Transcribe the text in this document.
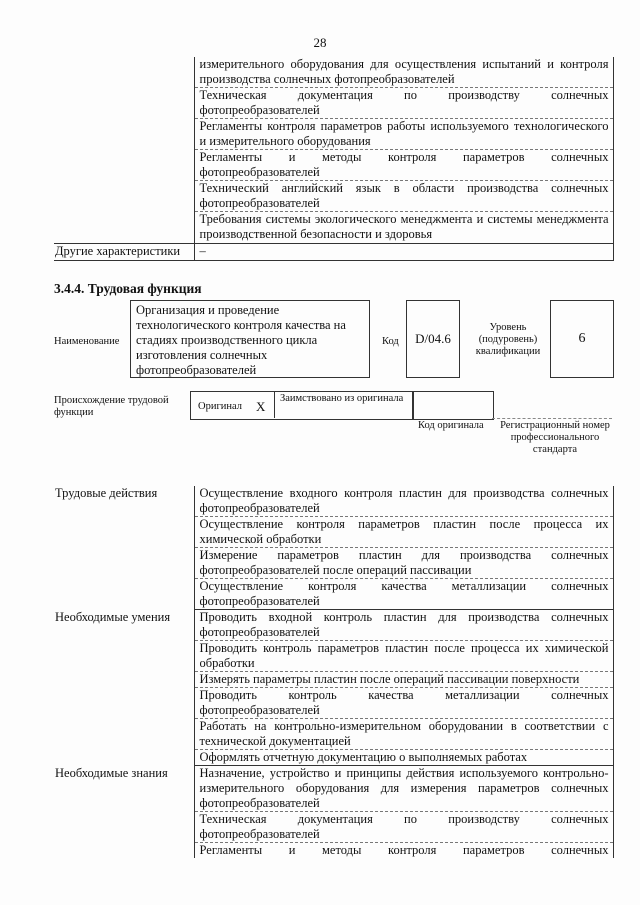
28

	измерительного оборудования для осуществления испытаний и контроля производства солнечных фотопреобразователей

	Техническая документация по производству солнечных фотопреобразователей

	Регламенты контроля параметров работы используемого технологического и измерительного оборудования

	Регламенты и методы контроля параметров солнечных фотопреобразователей

	Технический английский язык в области производства солнечных фотопреобразователей

	Требования системы экологического менеджмента и системы менеджмента производственной безопасности и здоровья

Другие характеристики	–
3.4.4. Трудовая функция
Наименование
Организация и проведение технологического контроля качества на стадиях производственного цикла изготовления солнечных фотопреобразователей
Код	D/04.6
Уровень (подуровень) квалификации
6
Происхождение трудовой функции
Оригинал X
Заимствовано из оригинала
Код оригинала Регистрационный номер профессионального стандарта
Трудовые действия	Осуществление входного контроля пластин для производства солнечных фотопреобразователей

	Осуществление контроля параметров пластин после процесса их химической обработки

	Измерение параметров пластин для производства солнечных фотопреобразователей после операций пассивации

	Осуществление контроля качества металлизации солнечных фотопреобразователей

Необходимые умения	Проводить входной контроль пластин для производства солнечных фотопреобразователей

	Проводить контроль параметров пластин после процесса их химической обработки

	Измерять параметры пластин после операций пассивации поверхности

	Проводить контроль качества металлизации солнечных фотопреобразователей

	Работать на контрольно-измерительном оборудовании в соответствии с технической документацией

	Оформлять отчетную документацию о выполняемых работах

Необходимые знания	Назначение, устройство и принципы действия используемого контрольно-измерительного оборудования для измерения параметров солнечных фотопреобразователей

	Техническая документация по производству солнечных фотопреобразователей

	Регламенты и методы контроля параметров солнечных
